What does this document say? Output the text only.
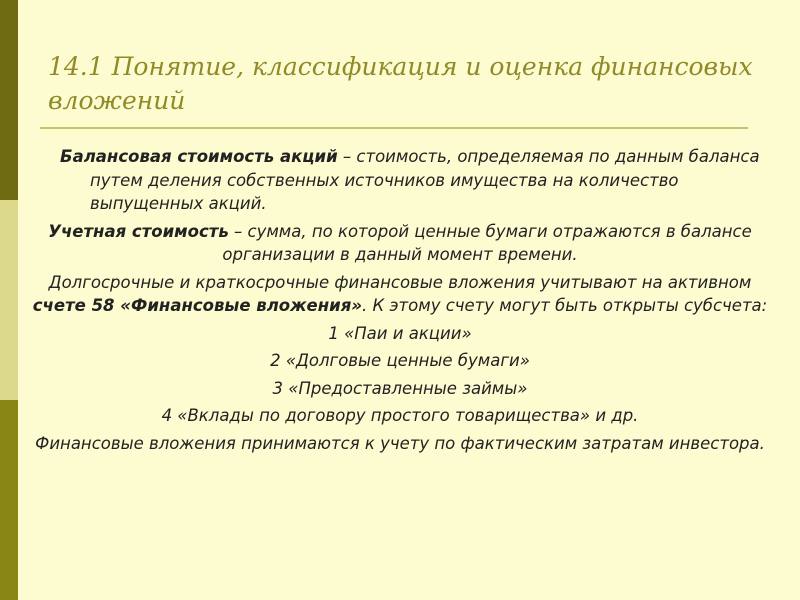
14.1 Понятие, классификация и оценка финансовых вложений

Балансовая стоимость акций – стоимость, определяемая по данным баланса путем деления собственных источников имущества на количество выпущенных акций.

Учетная стоимость – сумма, по которой ценные бумаги отражаются в балансе организации в данный момент времени.

Долгосрочные и краткосрочные финансовые вложения учитывают на активном счете 58 «Финансовые вложения». К этому счету могут быть открыты субсчета:

1 «Паи и акции»

2 «Долговые ценные бумаги»

3 «Предоставленные займы»

4 «Вклады по договору простого товарищества» и др.

Финансовые вложения принимаются к учету по фактическим затратам инвестора.
